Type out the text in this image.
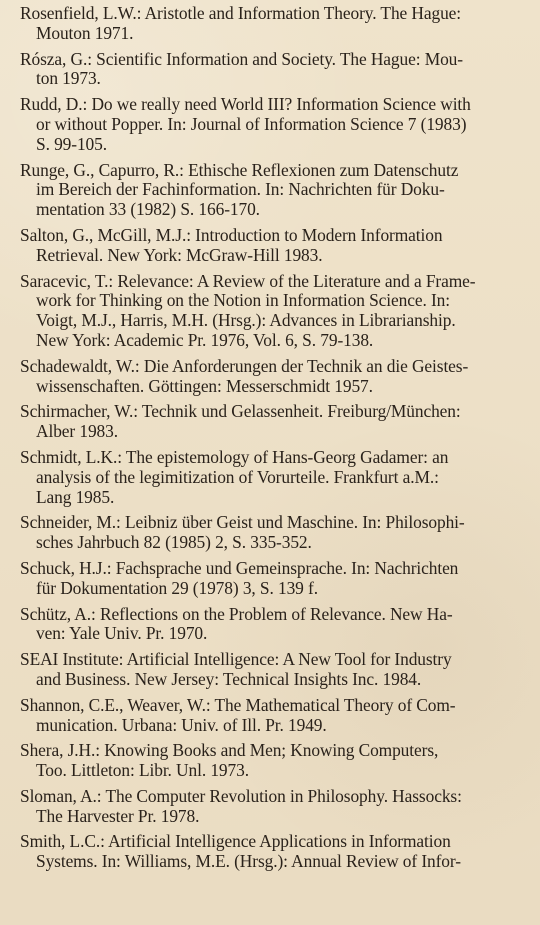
Rosenfield, L.W.: Aristotle and Information Theory. The Hague:
Mouton 1971.
Rósza, G.: Scientific Information and Society. The Hague: Mou-
ton 1973.
Rudd, D.: Do we really need World III? Information Science with
or without Popper. In: Journal of Information Science 7 (1983)
S. 99-105.
Runge, G., Capurro, R.: Ethische Reflexionen zum Datenschutz
im Bereich der Fachinformation. In: Nachrichten für Doku-
mentation 33 (1982) S. 166-170.
Salton, G., McGill, M.J.: Introduction to Modern Information
Retrieval. New York: McGraw-Hill 1983.
Saracevic, T.: Relevance: A Review of the Literature and a Frame-
work for Thinking on the Notion in Information Science. In:
Voigt, M.J., Harris, M.H. (Hrsg.): Advances in Librarianship.
New York: Academic Pr. 1976, Vol. 6, S. 79-138.
Schadewaldt, W.: Die Anforderungen der Technik an die Geistes-
wissenschaften. Göttingen: Messerschmidt 1957.
Schirmacher, W.: Technik und Gelassenheit. Freiburg/München:
Alber 1983.
Schmidt, L.K.: The epistemology of Hans-Georg Gadamer: an
analysis of the legimitization of Vorurteile. Frankfurt a.M.:
Lang 1985.
Schneider, M.: Leibniz über Geist und Maschine. In: Philosophi-
sches Jahrbuch 82 (1985) 2, S. 335-352.
Schuck, H.J.: Fachsprache und Gemeinsprache. In: Nachrichten
für Dokumentation 29 (1978) 3, S. 139 f.
Schütz, A.: Reflections on the Problem of Relevance. New Ha-
ven: Yale Univ. Pr. 1970.
SEAI Institute: Artificial Intelligence: A New Tool for Industry
and Business. New Jersey: Technical Insights Inc. 1984.
Shannon, C.E., Weaver, W.: The Mathematical Theory of Com-
munication. Urbana: Univ. of Ill. Pr. 1949.
Shera, J.H.: Knowing Books and Men; Knowing Computers,
Too. Littleton: Libr. Unl. 1973.
Sloman, A.: The Computer Revolution in Philosophy. Hassocks:
The Harvester Pr. 1978.
Smith, L.C.: Artificial Intelligence Applications in Information
Systems. In: Williams, M.E. (Hrsg.): Annual Review of Infor-
